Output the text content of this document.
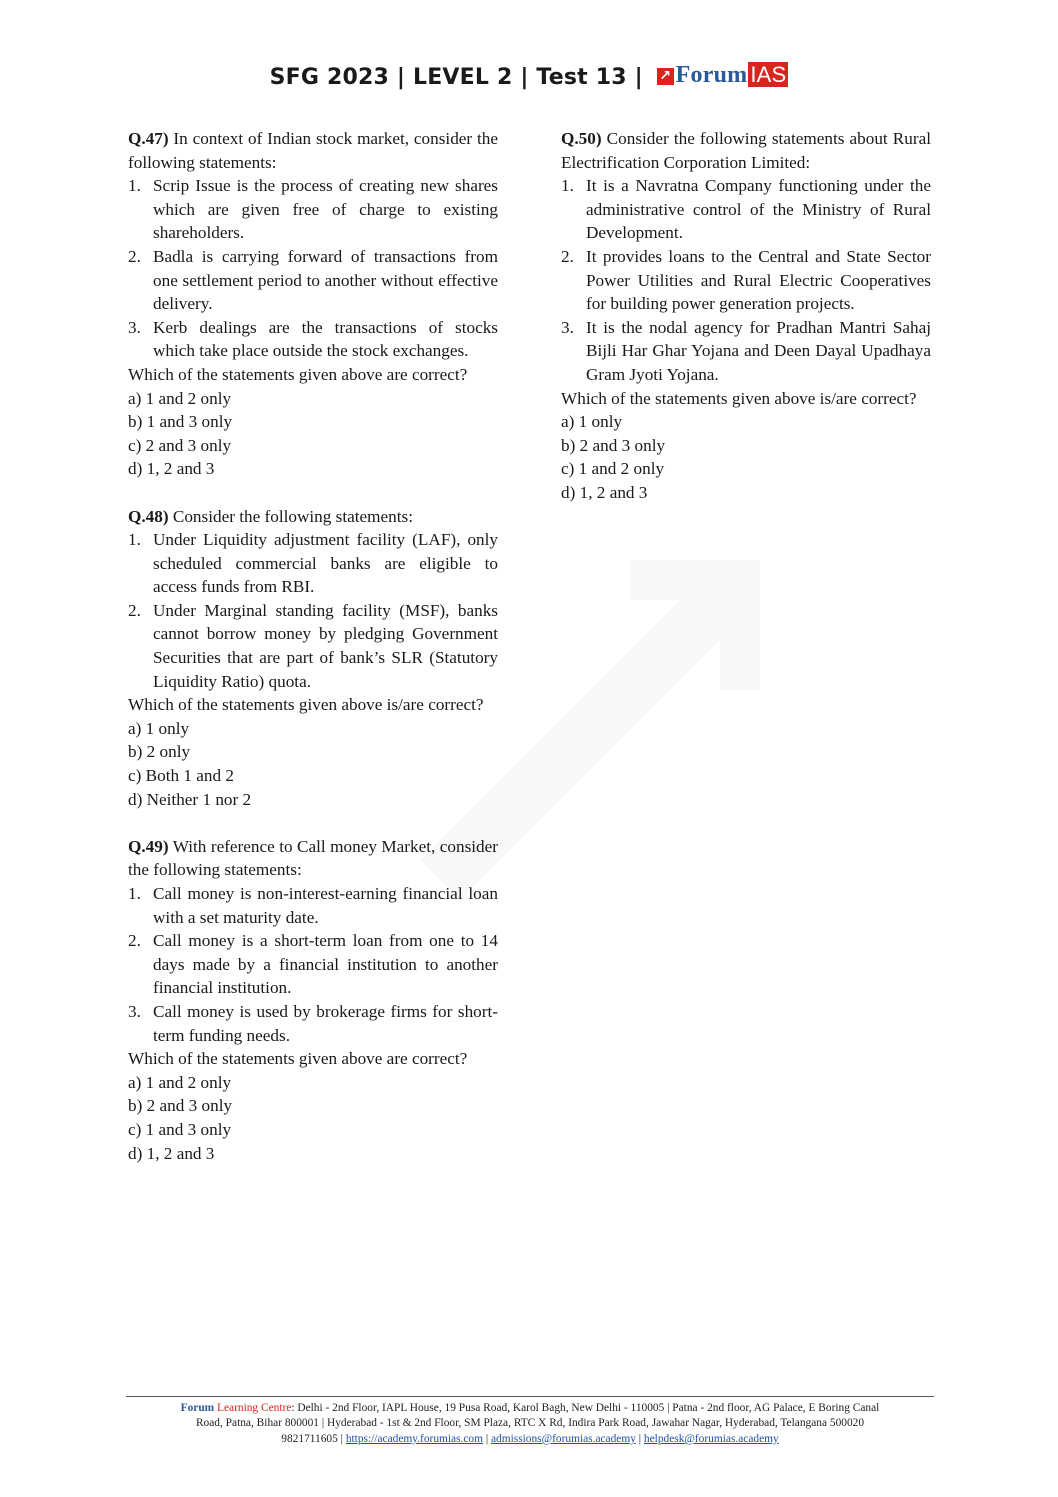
SFG 2023 | LEVEL 2 | Test 13 | ↗ Forum IAS
Q.47) In context of Indian stock market, consider the following statements:
1. Scrip Issue is the process of creating new shares which are given free of charge to existing shareholders.
2. Badla is carrying forward of transactions from one settlement period to another without effective delivery.
3. Kerb dealings are the transactions of stocks which take place outside the stock exchanges.
Which of the statements given above are correct?
a) 1 and 2 only
b) 1 and 3 only
c) 2 and 3 only
d) 1, 2 and 3
Q.48) Consider the following statements:
1. Under Liquidity adjustment facility (LAF), only scheduled commercial banks are eligible to access funds from RBI.
2. Under Marginal standing facility (MSF), banks cannot borrow money by pledging Government Securities that are part of bank’s SLR (Statutory Liquidity Ratio) quota.
Which of the statements given above is/are correct?
a) 1 only
b) 2 only
c) Both 1 and 2
d) Neither 1 nor 2
Q.49) With reference to Call money Market, consider the following statements:
1. Call money is non-interest-earning financial loan with a set maturity date.
2. Call money is a short-term loan from one to 14 days made by a financial institution to another financial institution.
3. Call money is used by brokerage firms for short-term funding needs.
Which of the statements given above are correct?
a) 1 and 2 only
b) 2 and 3 only
c) 1 and 3 only
d) 1, 2 and 3
Q.50) Consider the following statements about Rural Electrification Corporation Limited:
1. It is a Navratna Company functioning under the administrative control of the Ministry of Rural Development.
2. It provides loans to the Central and State Sector Power Utilities and Rural Electric Cooperatives for building power generation projects.
3. It is the nodal agency for Pradhan Mantri Sahaj Bijli Har Ghar Yojana and Deen Dayal Upadhaya Gram Jyoti Yojana.
Which of the statements given above is/are correct?
a) 1 only
b) 2 and 3 only
c) 1 and 2 only
d) 1, 2 and 3
Forum Learning Centre: Delhi - 2nd Floor, IAPL House, 19 Pusa Road, Karol Bagh, New Delhi - 110005 | Patna - 2nd floor, AG Palace, E Boring Canal
Road, Patna, Bihar 800001 | Hyderabad - 1st & 2nd Floor, SM Plaza, RTC X Rd, Indira Park Road, Jawahar Nagar, Hyderabad, Telangana 500020
9821711605 | https://academy.forumias.com | admissions@forumias.academy | helpdesk@forumias.academy
